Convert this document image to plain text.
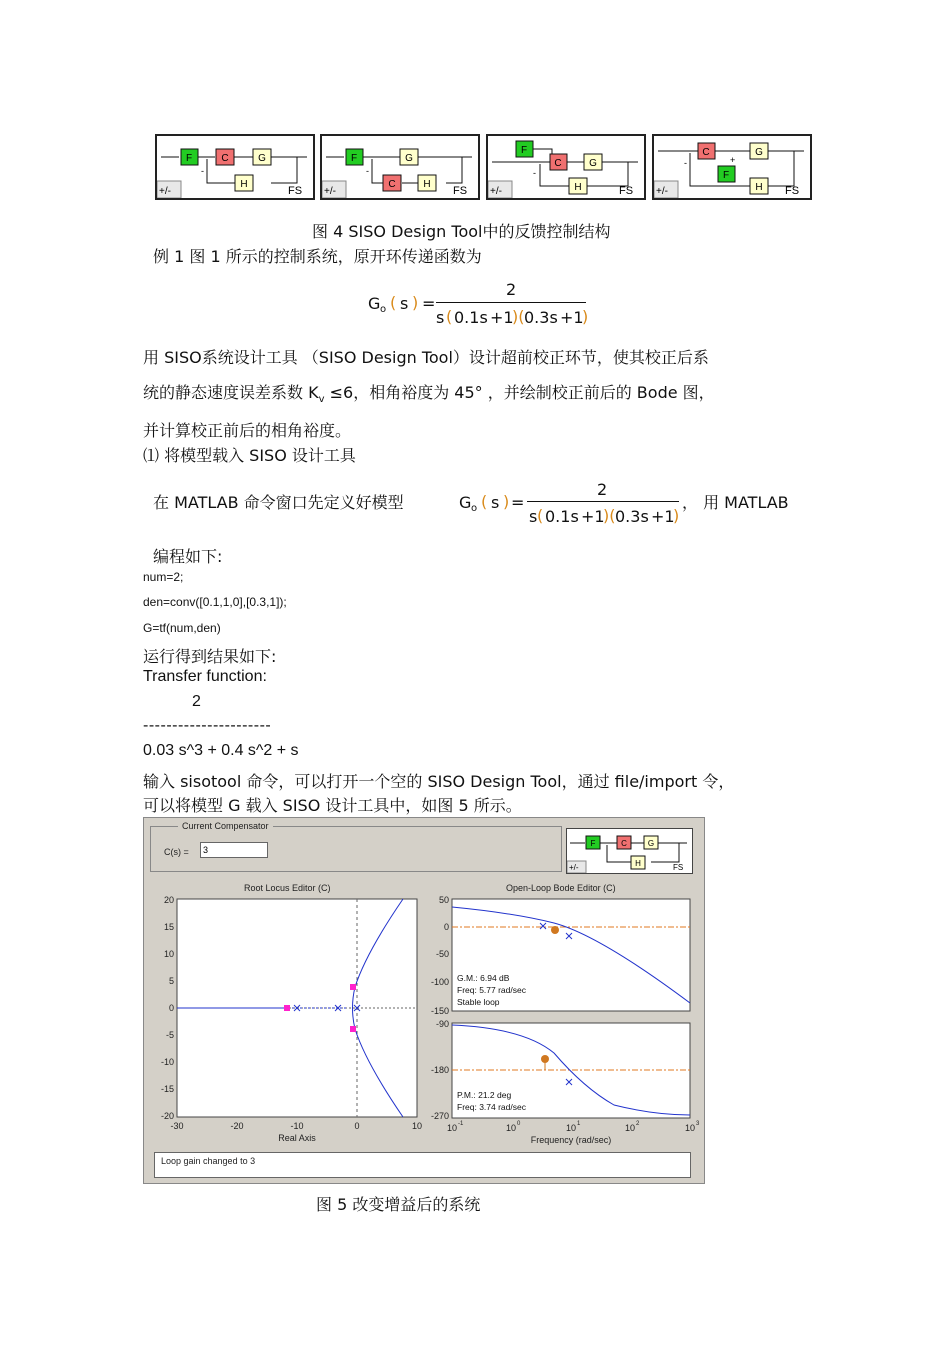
F	C	G
H
-
+/-	FS
F	G
H
C
-
+/-	FS
F
C	G
H
-
+/-	FS
C	G
+
F
H
-
+/-	FS
图 4 SISO Design Tool中的反馈控制结构
例 1 图 1 所示的控制系统，原开环传递函数为
G o ( s ) =
2
s ( 0.1s +1
)( 0.3s +1
)
用 SISO系统设计工具 （SISO Design Tool）设计超前校正环节，使其校正后系
统的静态速度误差系数 $K_v \le 6$，相角裕度为 45° ，并绘制校正前后的 Bode 图，
并计算校正前后的相角裕度。
⑴ 将模型载入 SISO 设计工具
在 MATLAB 命令窗口先定义好模型	G o ( s ) =
2
s ( 0.1s +1
)( 0.3s +1
)
， 用 MATLAB
编程如下:
num=2;
den=conv([0.1,1,0],[0.3,1]);
G=tf(num,den)
运行得到结果如下:
Transfer function:
2
----------------------
0.03 s^3 + 0.4 s^2 + s
输入 sisotool 命令，可以打开一个空的 SISO Design Tool，通过 file/import 令，
可以将模型 G 载入 SISO 设计工具中，如图 5 所示。
Current Compensator
C(s) =
3
F	C	G
H
+/-	FS
Root Locus Editor (C)
20
15
10
5
0
-5
-10
-15
-20
-30	-20	-10	0	10
Real Axis
Open-Loop Bode Editor (C)
50
0
-50
-100
-150
-90
-180
-270
10	10	10	10	10
-1	0	1	2	3
Frequency (rad/sec)
G.M.: 6.94 dB
Freq: 5.77 rad/sec
Stable loop
P.M.: 21.2 deg
Freq: 3.74 rad/sec
Loop gain changed to 3
图 5 改变增益后的系统
